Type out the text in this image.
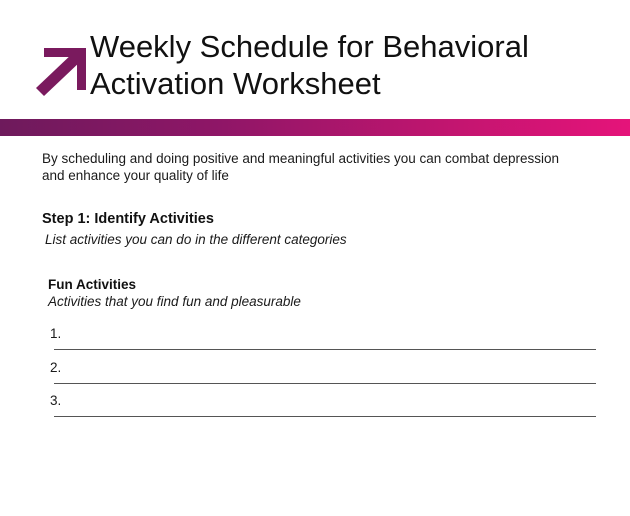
Weekly Schedule for Behavioral
Activation Worksheet

By scheduling and doing positive and meaningful activities you can combat depression and enhance your quality of life

Step 1: Identify Activities

List activities you can do in the different categories

Fun Activities

Activities that you find fun and pleasurable

1.
2.
3.
